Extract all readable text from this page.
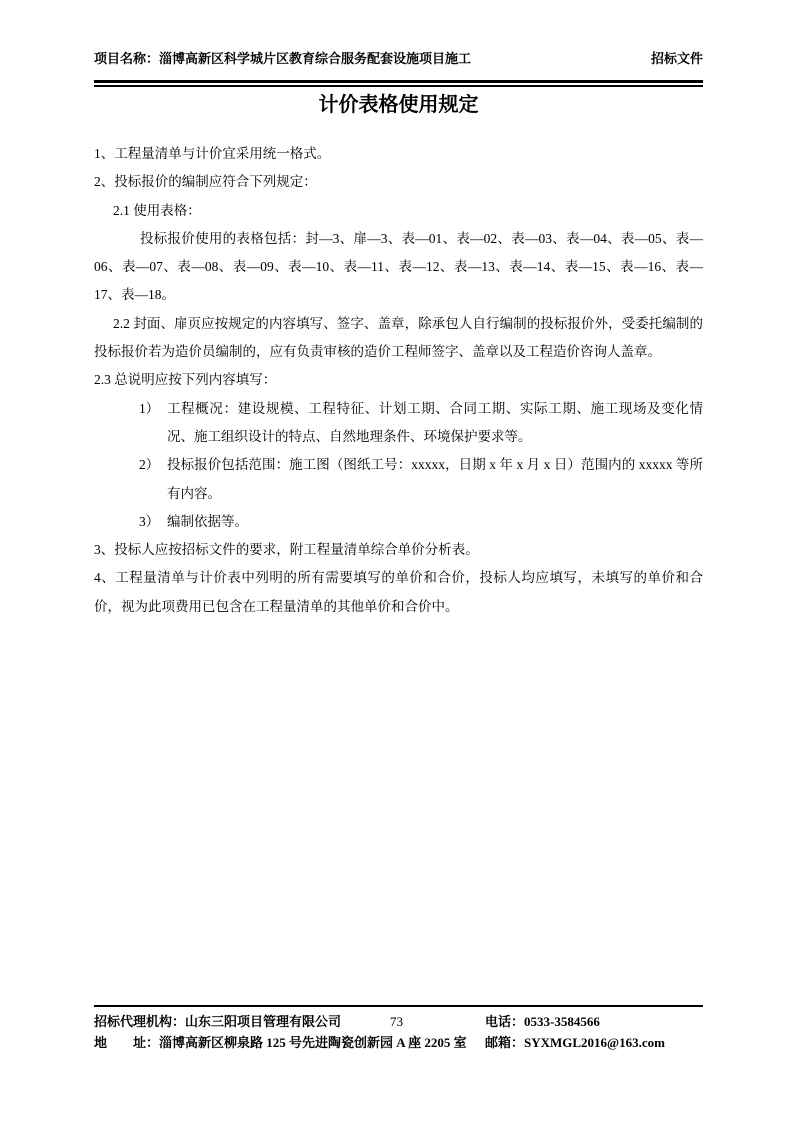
项目名称：淄博高新区科学城片区教育综合服务配套设施项目施工	招标文件
计价表格使用规定

1、工程量清单与计价宜采用统一格式。

2、投标报价的编制应符合下列规定：

2.1 使用表格：

投标报价使用的表格包括：封—3、扉—3、表—01、表—02、表—03、表—04、表—05、表—06、表—07、表—08、表—09、表—10、表—11、表—12、表—13、表—14、表—15、表—16、表—17、表—18。

2.2 封面、扉页应按规定的内容填写、签字、盖章，除承包人自行编制的投标报价外，受委托编制的投标报价若为造价员编制的，应有负责审核的造价工程师签字、盖章以及工程造价咨询人盖章。

2.3 总说明应按下列内容填写：

1） 工程概况：建设规模、工程特征、计划工期、合同工期、实际工期、施工现场及变化情况、施工组织设计的特点、自然地理条件、环境保护要求等。
2） 投标报价包括范围：施工图（图纸工号：xxxxx，日期 x 年 x 月 x 日）范围内的 xxxxx 等所有内容。
3） 编制依据等。

3、投标人应按招标文件的要求，附工程量清单综合单价分析表。

4、工程量清单与计价表中列明的所有需要填写的单价和合价，投标人均应填写，未填写的单价和合价，视为此项费用已包含在工程量清单的其他单价和合价中。

招标代理机构：山东三阳项目管理有限公司	73	电话：0533-3584566
地　　址：淄博高新区柳泉路 125 号先进陶瓷创新园 A 座 2205 室 邮箱：SYXMGL2016@163.com
